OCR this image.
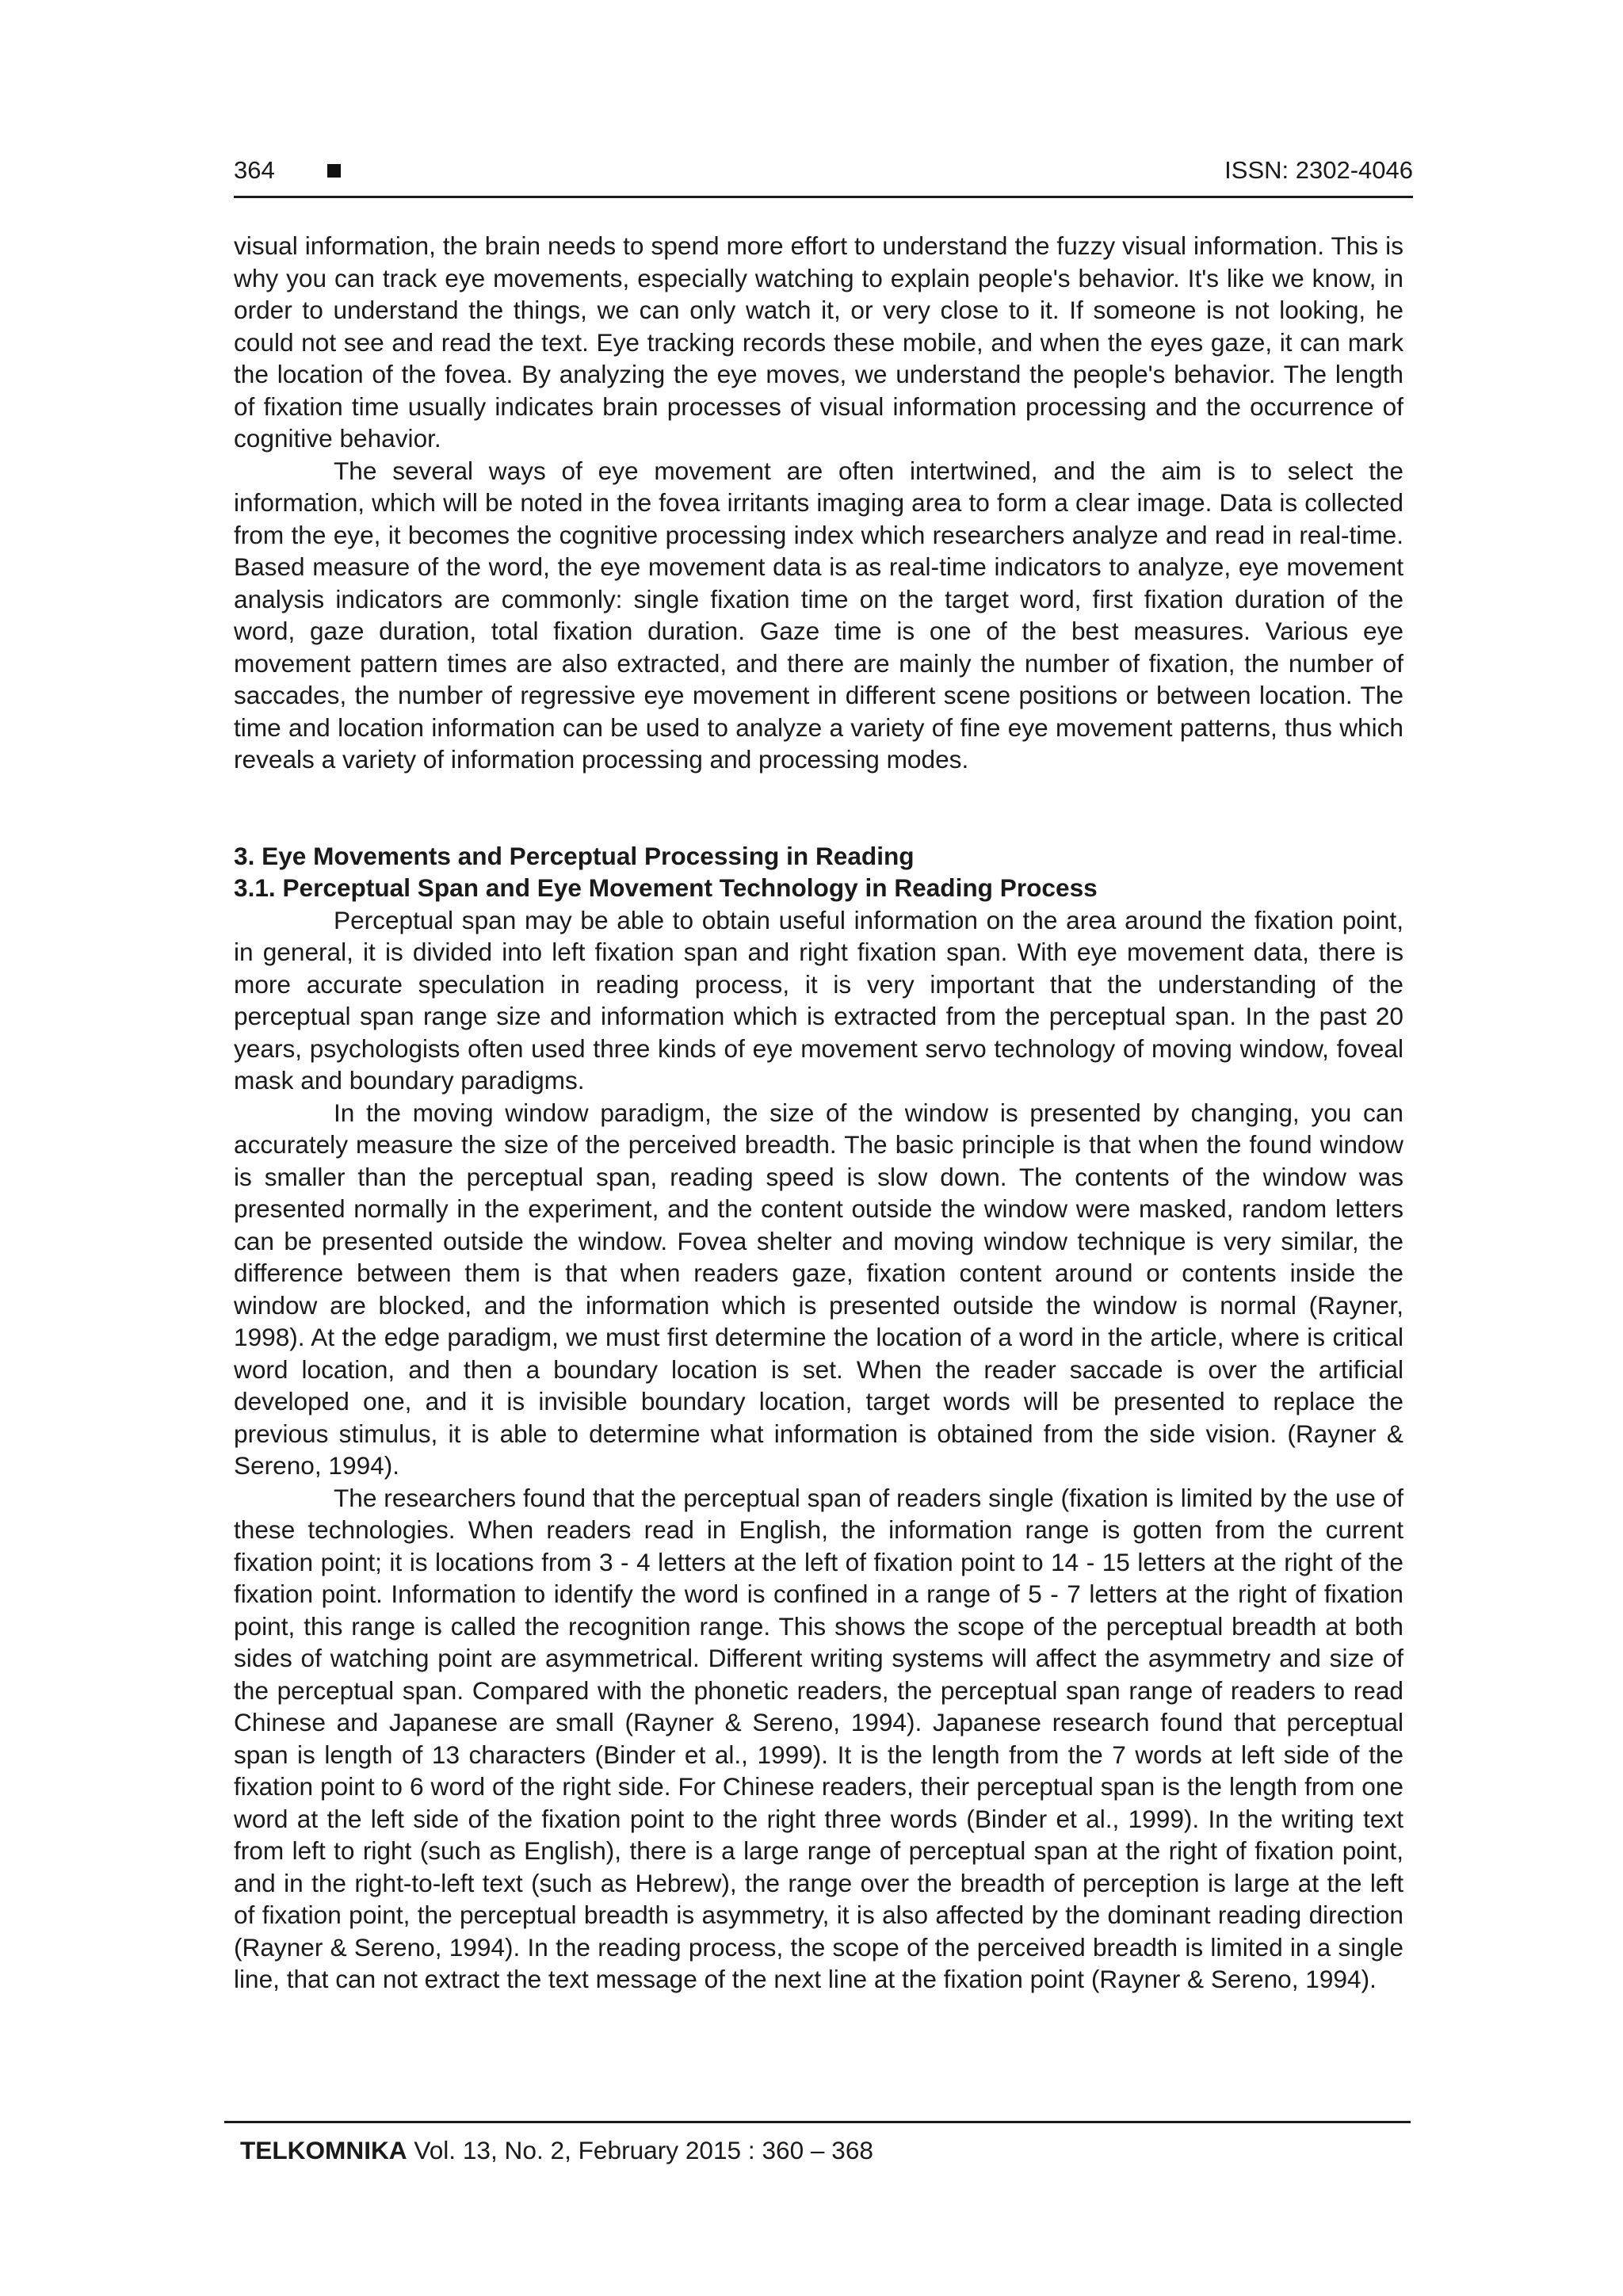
364	ISSN: 2302-4046

visual information, the brain needs to spend more effort to understand the fuzzy visual information. This is why you can track eye movements, especially watching to explain people's behavior. It's like we know, in order to understand the things, we can only watch it, or very close to it. If someone is not looking, he could not see and read the text. Eye tracking records these mobile, and when the eyes gaze, it can mark the location of the fovea. By analyzing the eye moves, we understand the people's behavior. The length of fixation time usually indicates brain processes of visual information processing and the occurrence of cognitive behavior.

The several ways of eye movement are often intertwined, and the aim is to select the information, which will be noted in the fovea irritants imaging area to form a clear image. Data is collected from the eye, it becomes the cognitive processing index which researchers analyze and read in real-time. Based measure of the word, the eye movement data is as real-time indicators to analyze, eye movement analysis indicators are commonly: single fixation time on the target word, first fixation duration of the word, gaze duration, total fixation duration. Gaze time is one of the best measures. Various eye movement pattern times are also extracted, and there are mainly the number of fixation, the number of saccades, the number of regressive eye movement in different scene positions or between location. The time and location information can be used to analyze a variety of fine eye movement patterns, thus which reveals a variety of information processing and processing modes.

3. Eye Movements and Perceptual Processing in Reading

3.1. Perceptual Span and Eye Movement Technology in Reading Process

Perceptual span may be able to obtain useful information on the area around the fixation point, in general, it is divided into left fixation span and right fixation span. With eye movement data, there is more accurate speculation in reading process, it is very important that the understanding of the perceptual span range size and information which is extracted from the perceptual span. In the past 20 years, psychologists often used three kinds of eye movement servo technology of moving window, foveal mask and boundary paradigms.

In the moving window paradigm, the size of the window is presented by changing, you can accurately measure the size of the perceived breadth. The basic principle is that when the found window is smaller than the perceptual span, reading speed is slow down. The contents of the window was presented normally in the experiment, and the content outside the window were masked, random letters can be presented outside the window. Fovea shelter and moving window technique is very similar, the difference between them is that when readers gaze, fixation content around or contents inside the window are blocked, and the information which is presented outside the window is normal (Rayner, 1998). At the edge paradigm, we must first determine the location of a word in the article, where is critical word location, and then a boundary location is set. When the reader saccade is over the artificial developed one, and it is invisible boundary location, target words will be presented to replace the previous stimulus, it is able to determine what information is obtained from the side vision. (Rayner & Sereno, 1994).

The researchers found that the perceptual span of readers single (fixation is limited by the use of these technologies. When readers read in English, the information range is gotten from the current fixation point; it is locations from 3 - 4 letters at the left of fixation point to 14 - 15 letters at the right of the fixation point. Information to identify the word is confined in a range of 5 - 7 letters at the right of fixation point, this range is called the recognition range. This shows the scope of the perceptual breadth at both sides of watching point are asymmetrical. Different writing systems will affect the asymmetry and size of the perceptual span. Compared with the phonetic readers, the perceptual span range of readers to read Chinese and Japanese are small (Rayner & Sereno, 1994). Japanese research found that perceptual span is length of 13 characters (Binder et al., 1999). It is the length from the 7 words at left side of the fixation point to 6 word of the right side. For Chinese readers, their perceptual span is the length from one word at the left side of the fixation point to the right three words (Binder et al., 1999). In the writing text from left to right (such as English), there is a large range of perceptual span at the right of fixation point, and in the right-to-left text (such as Hebrew), the range over the breadth of perception is large at the left of fixation point, the perceptual breadth is asymmetry, it is also affected by the dominant reading direction (Rayner & Sereno, 1994). In the reading process, the scope of the perceived breadth is limited in a single line, that can not extract the text message of the next line at the fixation point (Rayner & Sereno, 1994).

TELKOMNIKA Vol. 13, No. 2, February 2015 : 360 – 368
